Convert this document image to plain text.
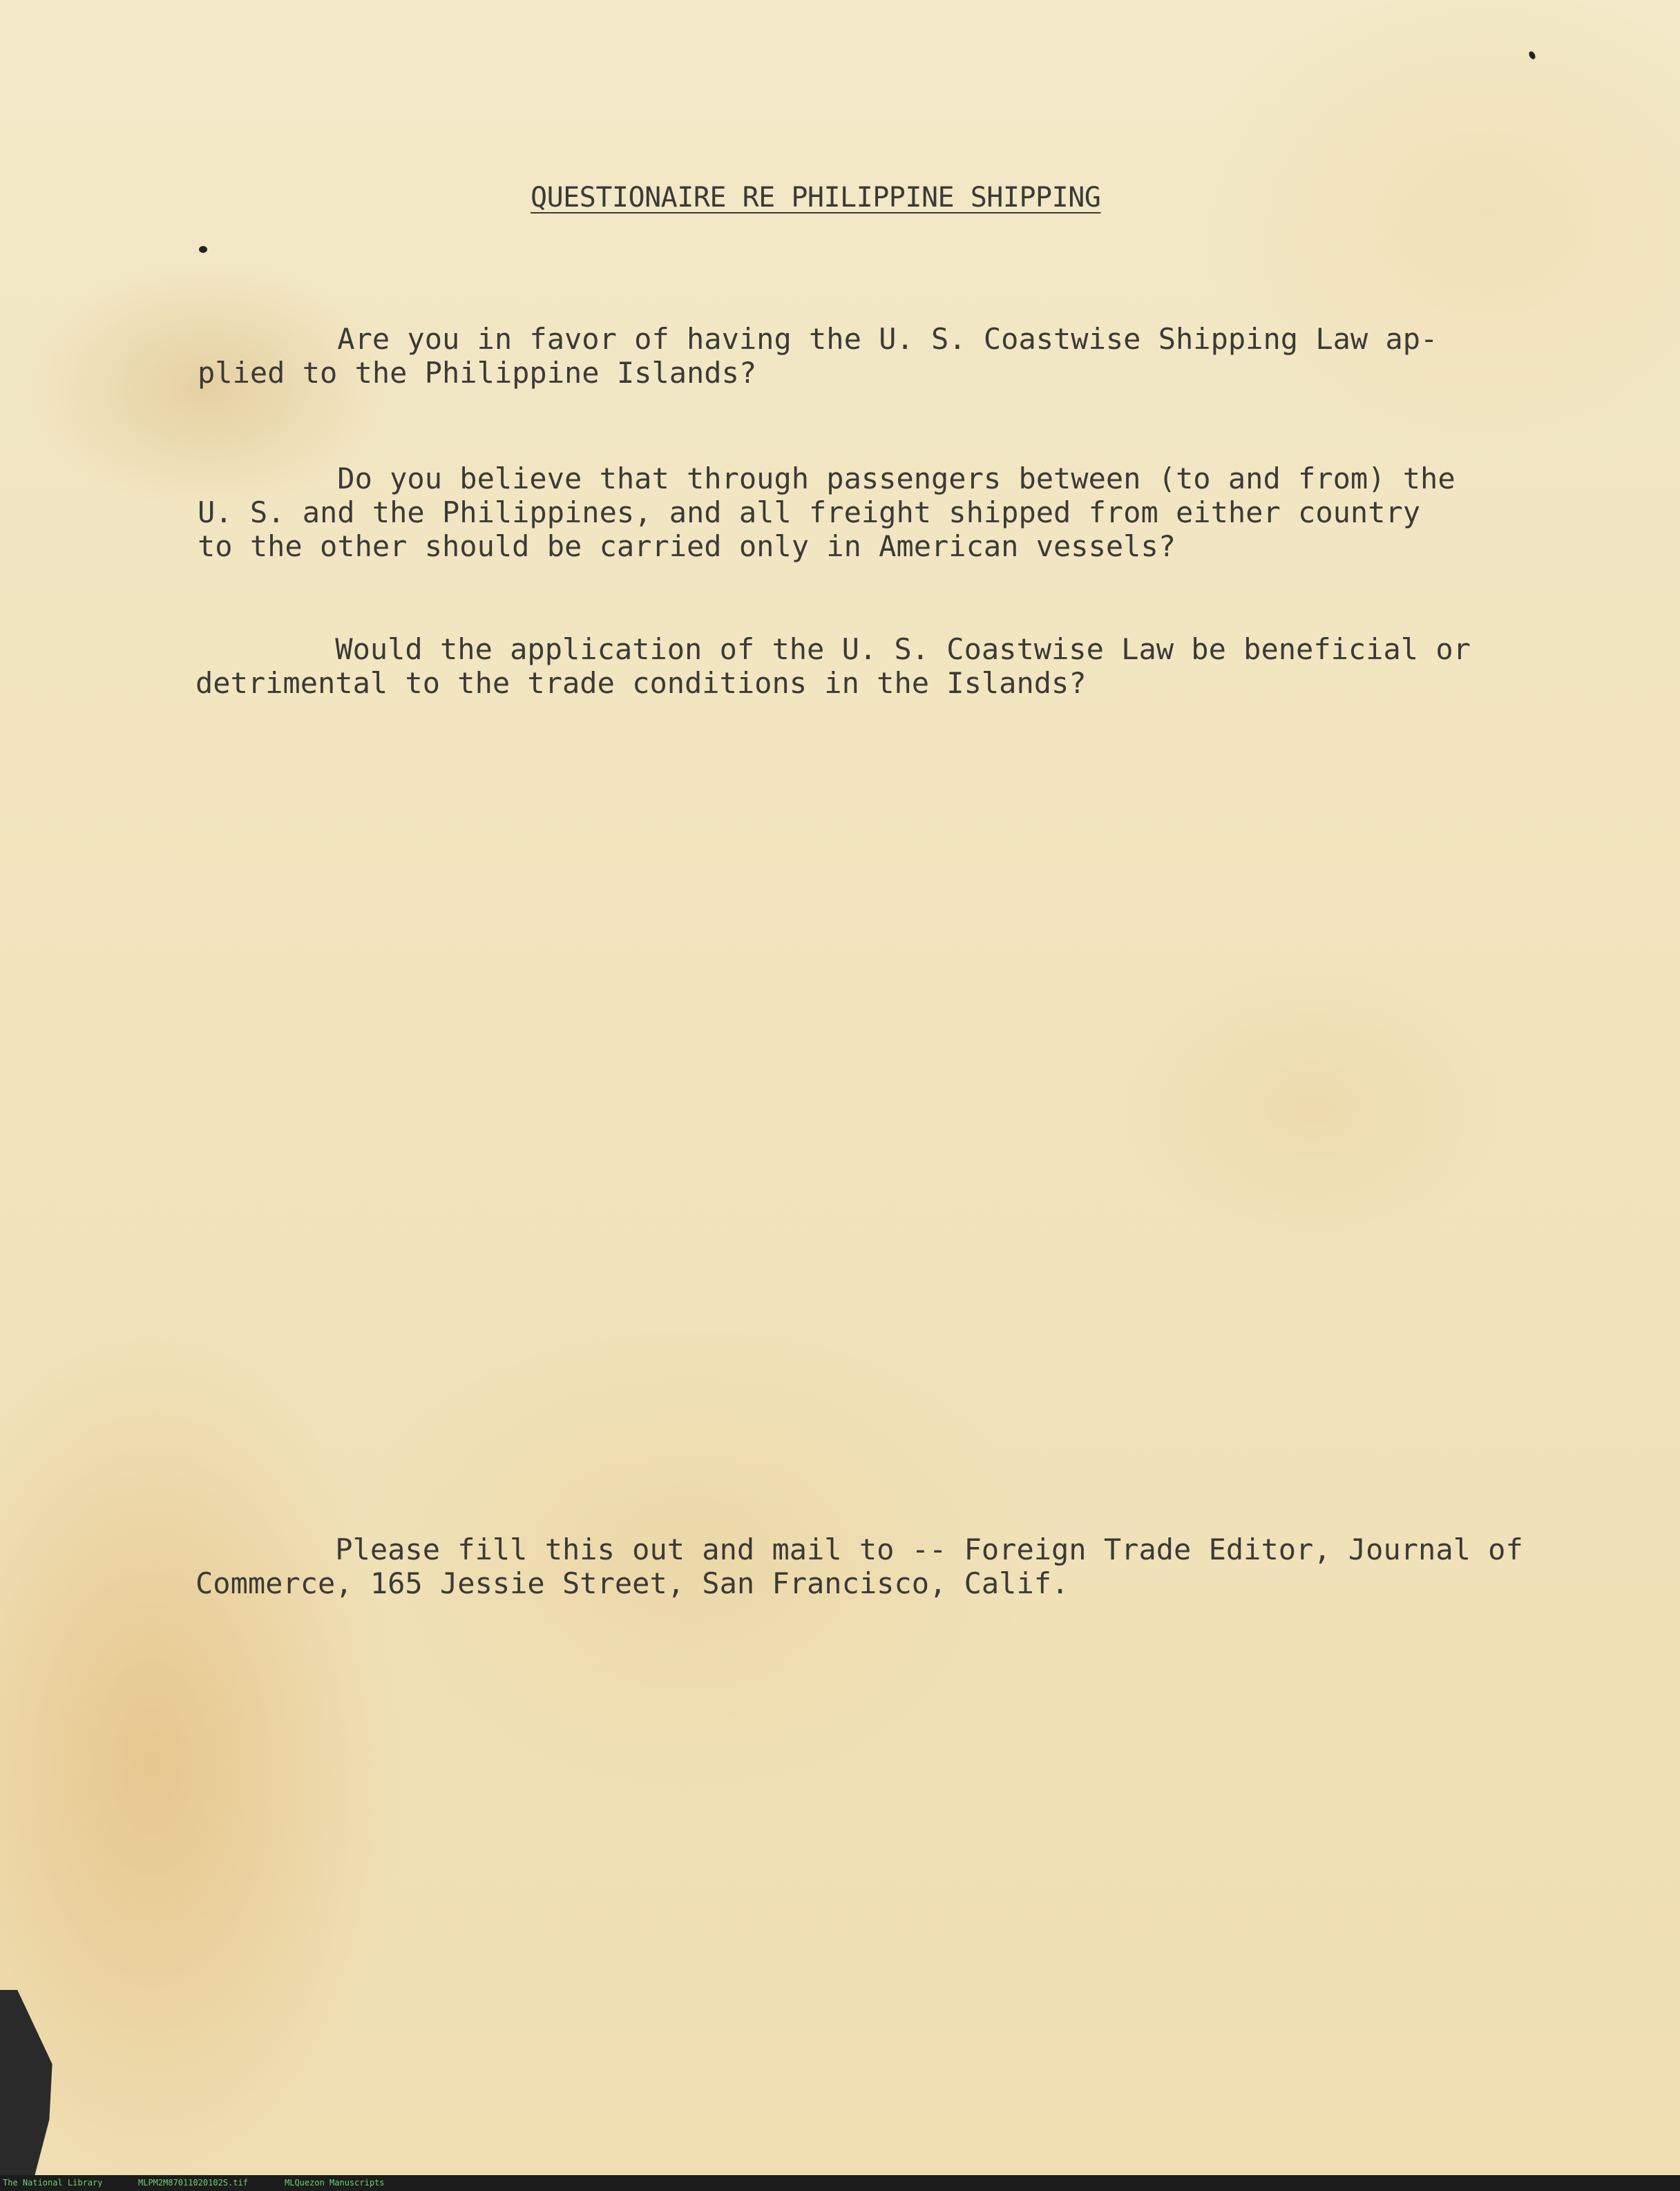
QUESTIONAIRE RE PHILIPPINE SHIPPING

Are you in favor of having the U. S. Coastwise Shipping Law ap-
plied to the Philippine Islands?

Do you believe that through passengers between (to and from) the
U. S. and the Philippines, and all freight shipped from either country
to the other should be carried only in American vessels?

Would the application of the U. S. Coastwise Law be beneficial or
detrimental to the trade conditions in the Islands?

Please fill this out and mail to -- Foreign Trade Editor, Journal of
Commerce, 165 Jessie Street, San Francisco, Calif.

The National Library	MLPM2M87011020102S.tif	MLQuezon Manuscripts
